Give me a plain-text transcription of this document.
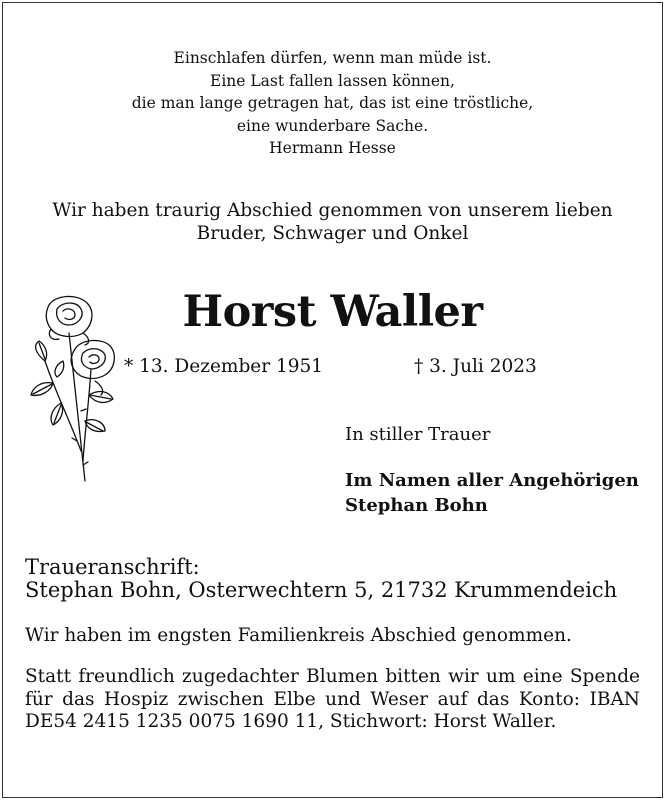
Einschlafen dürfen, wenn man müde ist.
Eine Last fallen lassen können,
die man lange getragen hat, das ist eine tröstliche,
eine wunderbare Sache.
Hermann Hesse
Wir haben traurig Abschied genommen von unserem lieben
Bruder, Schwager und Onkel
Horst Waller
* 13. Dezember 1951	† 3. Juli 2023
In stiller Trauer
Im Namen aller Angehörigen
Stephan Bohn
Traueranschrift:
Stephan Bohn, Osterwechtern 5, 21732 Krummendeich
Wir haben im engsten Familienkreis Abschied genommen.
Statt freundlich zugedachter Blumen bitten wir um eine Spende für das Hospiz zwischen Elbe und Weser auf das Konto: IBAN DE54 2415 1235 0075 1690 11, Stichwort: Horst Waller.
